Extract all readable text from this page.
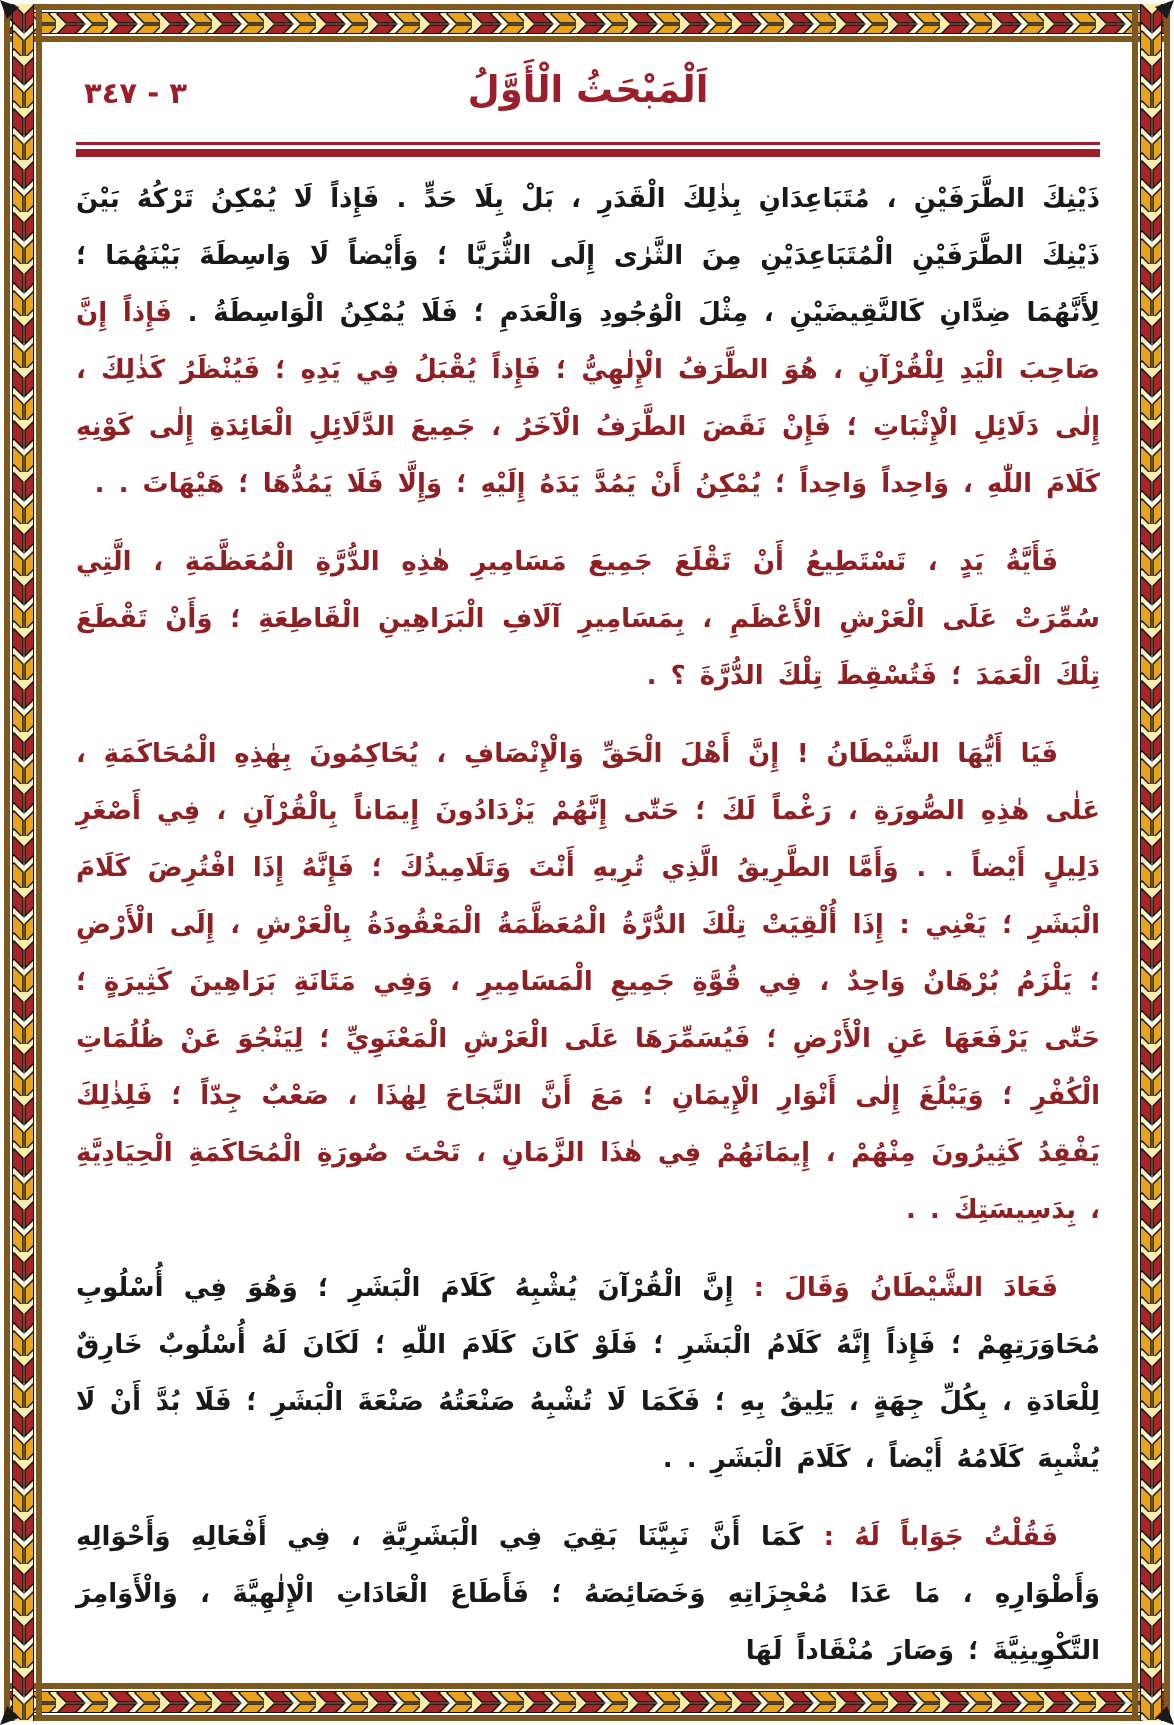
٣ - ٣٤٧	اَلْمَبْحَثُ الْأَوَّلُ

ذَيْنِكَ الطَّرَفَيْنِ ، مُتَبَاعِدَانِ بِذٰلِكَ الْقَدَرِ ، بَلْ بِلَا حَدٍّ . فَإِذاً لَا يُمْكِنُ تَرْكُهُ بَيْنَ ذَيْنِكَ الطَّرَفَيْنِ الْمُتَبَاعِدَيْنِ مِنَ الثَّرٰى إِلَى الثُّرَيَّا ؛ وَأَيْضاً لَا وَاسِطَةَ بَيْنَهُمَا ؛ لِأَنَّهُمَا ضِدَّانِ كَالنَّقِيضَيْنِ ، مِثْلَ الْوُجُودِ وَالْعَدَمِ ؛ فَلَا يُمْكِنُ الْوَاسِطَةُ . فَإِذاً إِنَّ صَاحِبَ الْيَدِ لِلْقُرْآنِ ، هُوَ الطَّرَفُ الْإِلٰهِيُّ ؛ فَإِذاً يُقْبَلُ فِي يَدِهِ ؛ فَيُنْظَرُ كَذٰلِكَ ، إِلٰى دَلَائِلِ الْإِثْبَاتِ ؛ فَإِنْ نَقَضَ الطَّرَفُ الْآخَرُ ، جَمِيعَ الدَّلَائِلِ الْعَائِدَةِ إِلٰى كَوْنِهِ كَلَامَ اللّٰهِ ، وَاحِداً وَاحِداً ؛ يُمْكِنُ أَنْ يَمُدَّ يَدَهُ إِلَيْهِ ؛ وَإِلَّا فَلَا يَمُدُّهَا ؛ هَيْهَاتَ . .

فَأَيَّةُ يَدٍ ، تَسْتَطِيعُ أَنْ تَقْلَعَ جَمِيعَ مَسَامِيرِ هٰذِهِ الدُّرَّةِ الْمُعَظَّمَةِ ، الَّتِي سُمِّرَتْ عَلَى الْعَرْشِ الْأَعْظَمِ ، بِمَسَامِيرِ آلَافِ الْبَرَاهِينِ الْقَاطِعَةِ ؛ وَأَنْ تَقْطَعَ تِلْكَ الْعَمَدَ ؛ فَتُسْقِطَ تِلْكَ الدُّرَّةَ ؟ .

فَيَا أَيُّهَا الشَّيْطَانُ ! إِنَّ أَهْلَ الْحَقِّ وَالْإِنْصَافِ ، يُحَاكِمُونَ بِهٰذِهِ الْمُحَاكَمَةِ ، عَلٰى هٰذِهِ الصُّورَةِ ، رَغْماً لَكَ ؛ حَتّٰى إِنَّهُمْ يَزْدَادُونَ إِيمَاناً بِالْقُرْآنِ ، فِي أَصْغَرِ دَلِيلٍ أَيْضاً . . وَأَمَّا الطَّرِيقُ الَّذِي تُرِيهِ أَنْتَ وَتَلَامِيذُكَ ؛ فَإِنَّهُ إِذَا افْتُرِضَ كَلَامَ الْبَشَرِ ؛ يَعْنِي : إِذَا أُلْقِيَتْ تِلْكَ الدُّرَّةُ الْمُعَظَّمَةُ الْمَعْقُودَةُ بِالْعَرْشِ ، إِلَى الْأَرْضِ ؛ يَلْزَمُ بُرْهَانٌ وَاحِدٌ ، فِي قُوَّةِ جَمِيعِ الْمَسَامِيرِ ، وَفِي مَتَانَةِ بَرَاهِينَ كَثِيرَةٍ ؛ حَتّٰى يَرْفَعَهَا عَنِ الْأَرْضِ ؛ فَيُسَمِّرَهَا عَلَى الْعَرْشِ الْمَعْنَوِيِّ ؛ لِيَنْجُوَ عَنْ ظُلُمَاتِ الْكُفْرِ ؛ وَيَبْلُغَ إِلٰى أَنْوَارِ الْإِيمَانِ ؛ مَعَ أَنَّ النَّجَاحَ لِهٰذَا ، صَعْبٌ جِدّاً ؛ فَلِذٰلِكَ يَفْقِدُ كَثِيرُونَ مِنْهُمْ ، إِيمَانَهُمْ فِي هٰذَا الزَّمَانِ ، تَحْتَ صُورَةِ الْمُحَاكَمَةِ الْحِيَادِيَّةِ ، بِدَسِيسَتِكَ . .

فَعَادَ الشَّيْطَانُ وَقَالَ : إِنَّ الْقُرْآنَ يُشْبِهُ كَلَامَ الْبَشَرِ ؛ وَهُوَ فِي أُسْلُوبِ مُحَاوَرَتِهِمْ ؛ فَإِذاً إِنَّهُ كَلَامُ الْبَشَرِ ؛ فَلَوْ كَانَ كَلَامَ اللّٰهِ ؛ لَكَانَ لَهُ أُسْلُوبٌ خَارِقٌ لِلْعَادَةِ ، بِكُلِّ جِهَةٍ ، يَلِيقُ بِهِ ؛ فَكَمَا لَا تُشْبِهُ صَنْعَتُهُ صَنْعَةَ الْبَشَرِ ؛ فَلَا بُدَّ أَنْ لَا يُشْبِهَ كَلَامُهُ أَيْضاً ، كَلَامَ الْبَشَرِ . .

فَقُلْتُ جَوَاباً لَهُ : كَمَا أَنَّ نَبِيَّنَا بَقِيَ فِي الْبَشَرِيَّةِ ، فِي أَفْعَالِهِ وَأَحْوَالِهِ وَأَطْوَارِهِ ، مَا عَدَا مُعْجِزَاتِهِ وَخَصَائِصَهُ ؛ فَأَطَاعَ الْعَادَاتِ الْإِلٰهِيَّةَ ، وَالْأَوَامِرَ التَّكْوِينِيَّةَ ؛ وَصَارَ مُنْقَاداً لَهَا
